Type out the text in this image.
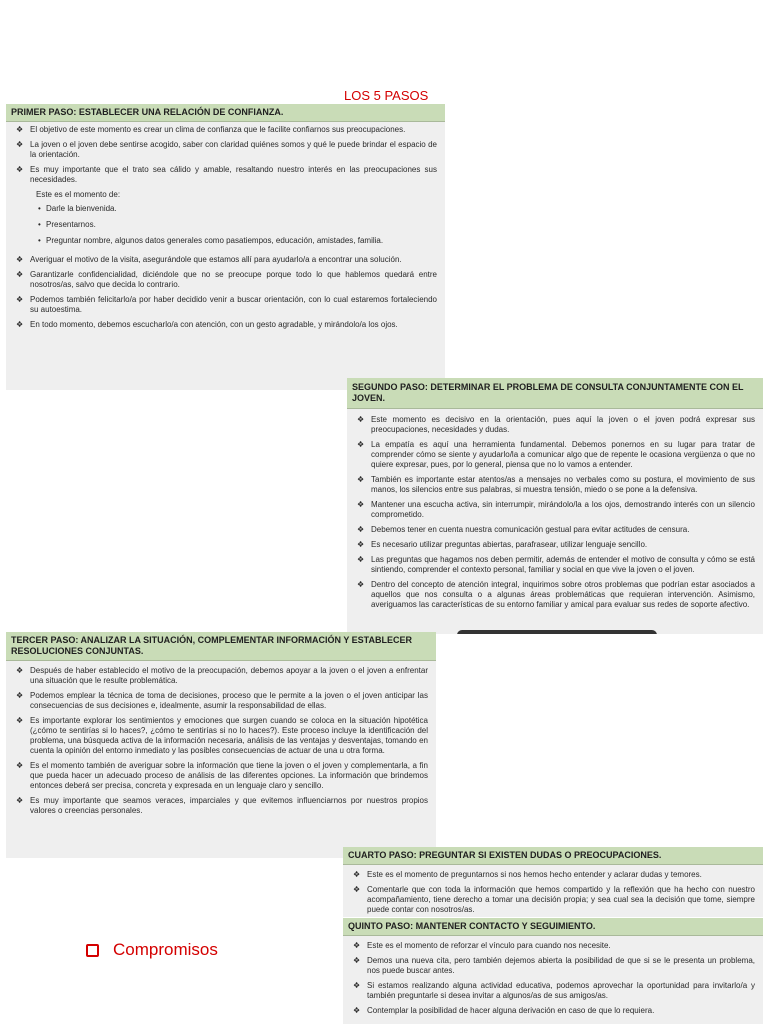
LOS 5 PASOS
PRIMER PASO: ESTABLECER UNA RELACIÓN DE CONFIANZA.
❖ El objetivo de este momento es crear un clima de confianza que le facilite confiarnos sus preocupaciones.
❖ La joven o el joven debe sentirse acogido, saber con claridad quiénes somos y qué le puede brindar el espacio de la orientación.
❖ Es muy importante que el trato sea cálido y amable, resaltando nuestro interés en las preocupaciones sus necesidades.
Este es el momento de:
• Darle la bienvenida.
• Presentarnos.
• Preguntar nombre, algunos datos generales como pasatiempos, educación, amistades, familia.
❖ Averiguar el motivo de la visita, asegurándole que estamos allí para ayudarlo/a a encontrar una solución.
❖ Garantizarle confidencialidad, diciéndole que no se preocupe porque todo lo que hablemos quedará entre nosotros/as, salvo que decida lo contrario.
❖ Podemos también felicitarlo/a por haber decidido venir a buscar orientación, con lo cual estaremos fortaleciendo su autoestima.
❖ En todo momento, debemos escucharlo/a con atención, con un gesto agradable, y mirándolo/a los ojos.
SEGUNDO PASO: DETERMINAR EL PROBLEMA DE CONSULTA CONJUNTAMENTE CON EL JOVEN.
❖ Este momento es decisivo en la orientación, pues aquí la joven o el joven podrá expresar sus preocupaciones, necesidades y dudas.
❖ La empatía es aquí una herramienta fundamental. Debemos ponernos en su lugar para tratar de comprender cómo se siente y ayudarlo/la a comunicar algo que de repente le ocasiona vergüenza o que no quiere expresar, pues, por lo general, piensa que no lo vamos a entender.
❖ También es importante estar atentos/as a mensajes no verbales como su postura, el movimiento de sus manos, los silencios entre sus palabras, si muestra tensión, miedo o se pone a la defensiva.
❖ Mantener una escucha activa, sin interrumpir, mirándolo/la a los ojos, demostrando interés con un silencio comprometido.
❖ Debemos tener en cuenta nuestra comunicación gestual para evitar actitudes de censura.
❖ Es necesario utilizar preguntas abiertas, parafrasear, utilizar lenguaje sencillo.
❖ Las preguntas que hagamos nos deben permitir, además de entender el motivo de consulta y cómo se está sintiendo, comprender el contexto personal, familiar y social en que vive la joven o el joven.
❖ Dentro del concepto de atención integral, inquirimos sobre otros problemas que podrían estar asociados a aquellos que nos consulta o a algunas áreas problemáticas que requieran intervención. Asimismo, averiguamos las características de su entorno familiar y amical para evaluar sus redes de soporte afectivo.
TERCER PASO: ANALIZAR LA SITUACIÓN, COMPLEMENTAR INFORMACIÓN Y ESTABLECER RESOLUCIONES CONJUNTAS.
❖ Después de haber establecido el motivo de la preocupación, debemos apoyar a la joven o el joven a enfrentar una situación que le resulte problemática.
❖ Podemos emplear la técnica de toma de decisiones, proceso que le permite a la joven o el joven anticipar las consecuencias de sus decisiones e, idealmente, asumir la responsabilidad de ellas.
❖ Es importante explorar los sentimientos y emociones que surgen cuando se coloca en la situación hipotética (¿cómo te sentirías si lo haces?, ¿cómo te sentirías si no lo haces?). Este proceso incluye la identificación del problema, una búsqueda activa de la información necesaria, análisis de las ventajas y desventajas, tomando en cuenta la opinión del entorno inmediato y las posibles consecuencias de actuar de una u otra forma.
❖ Es el momento también de averiguar sobre la información que tiene la joven o el joven y complementarla, a fin que pueda hacer un adecuado proceso de análisis de las diferentes opciones. La información que brindemos entonces deberá ser precisa, concreta y expresada en un lenguaje claro y sencillo.
❖ Es muy importante que seamos veraces, imparciales y que evitemos influenciarnos por nuestros propios valores o creencias personales.
CUARTO PASO: PREGUNTAR SI EXISTEN DUDAS O PREOCUPACIONES.
❖ Este es el momento de preguntarnos si nos hemos hecho entender y aclarar dudas y temores.
❖ Comentarle que con toda la información que hemos compartido y la reflexión que ha hecho con nuestro acompañamiento, tiene derecho a tomar una decisión propia; y sea cual sea la decisión que tome, siempre puede contar con nosotros/as.
QUINTO PASO: MANTENER CONTACTO Y SEGUIMIENTO.
❖ Este es el momento de reforzar el vínculo para cuando nos necesite.
❖ Demos una nueva cita, pero también dejemos abierta la posibilidad de que si se le presenta un problema, nos puede buscar antes.
❖ Si estamos realizando alguna actividad educativa, podemos aprovechar la oportunidad para invitarlo/a y también preguntarle si desea invitar a algunos/as de sus amigos/as.
❖ Contemplar la posibilidad de hacer alguna derivación en caso de que lo requiera.
Compromisos
